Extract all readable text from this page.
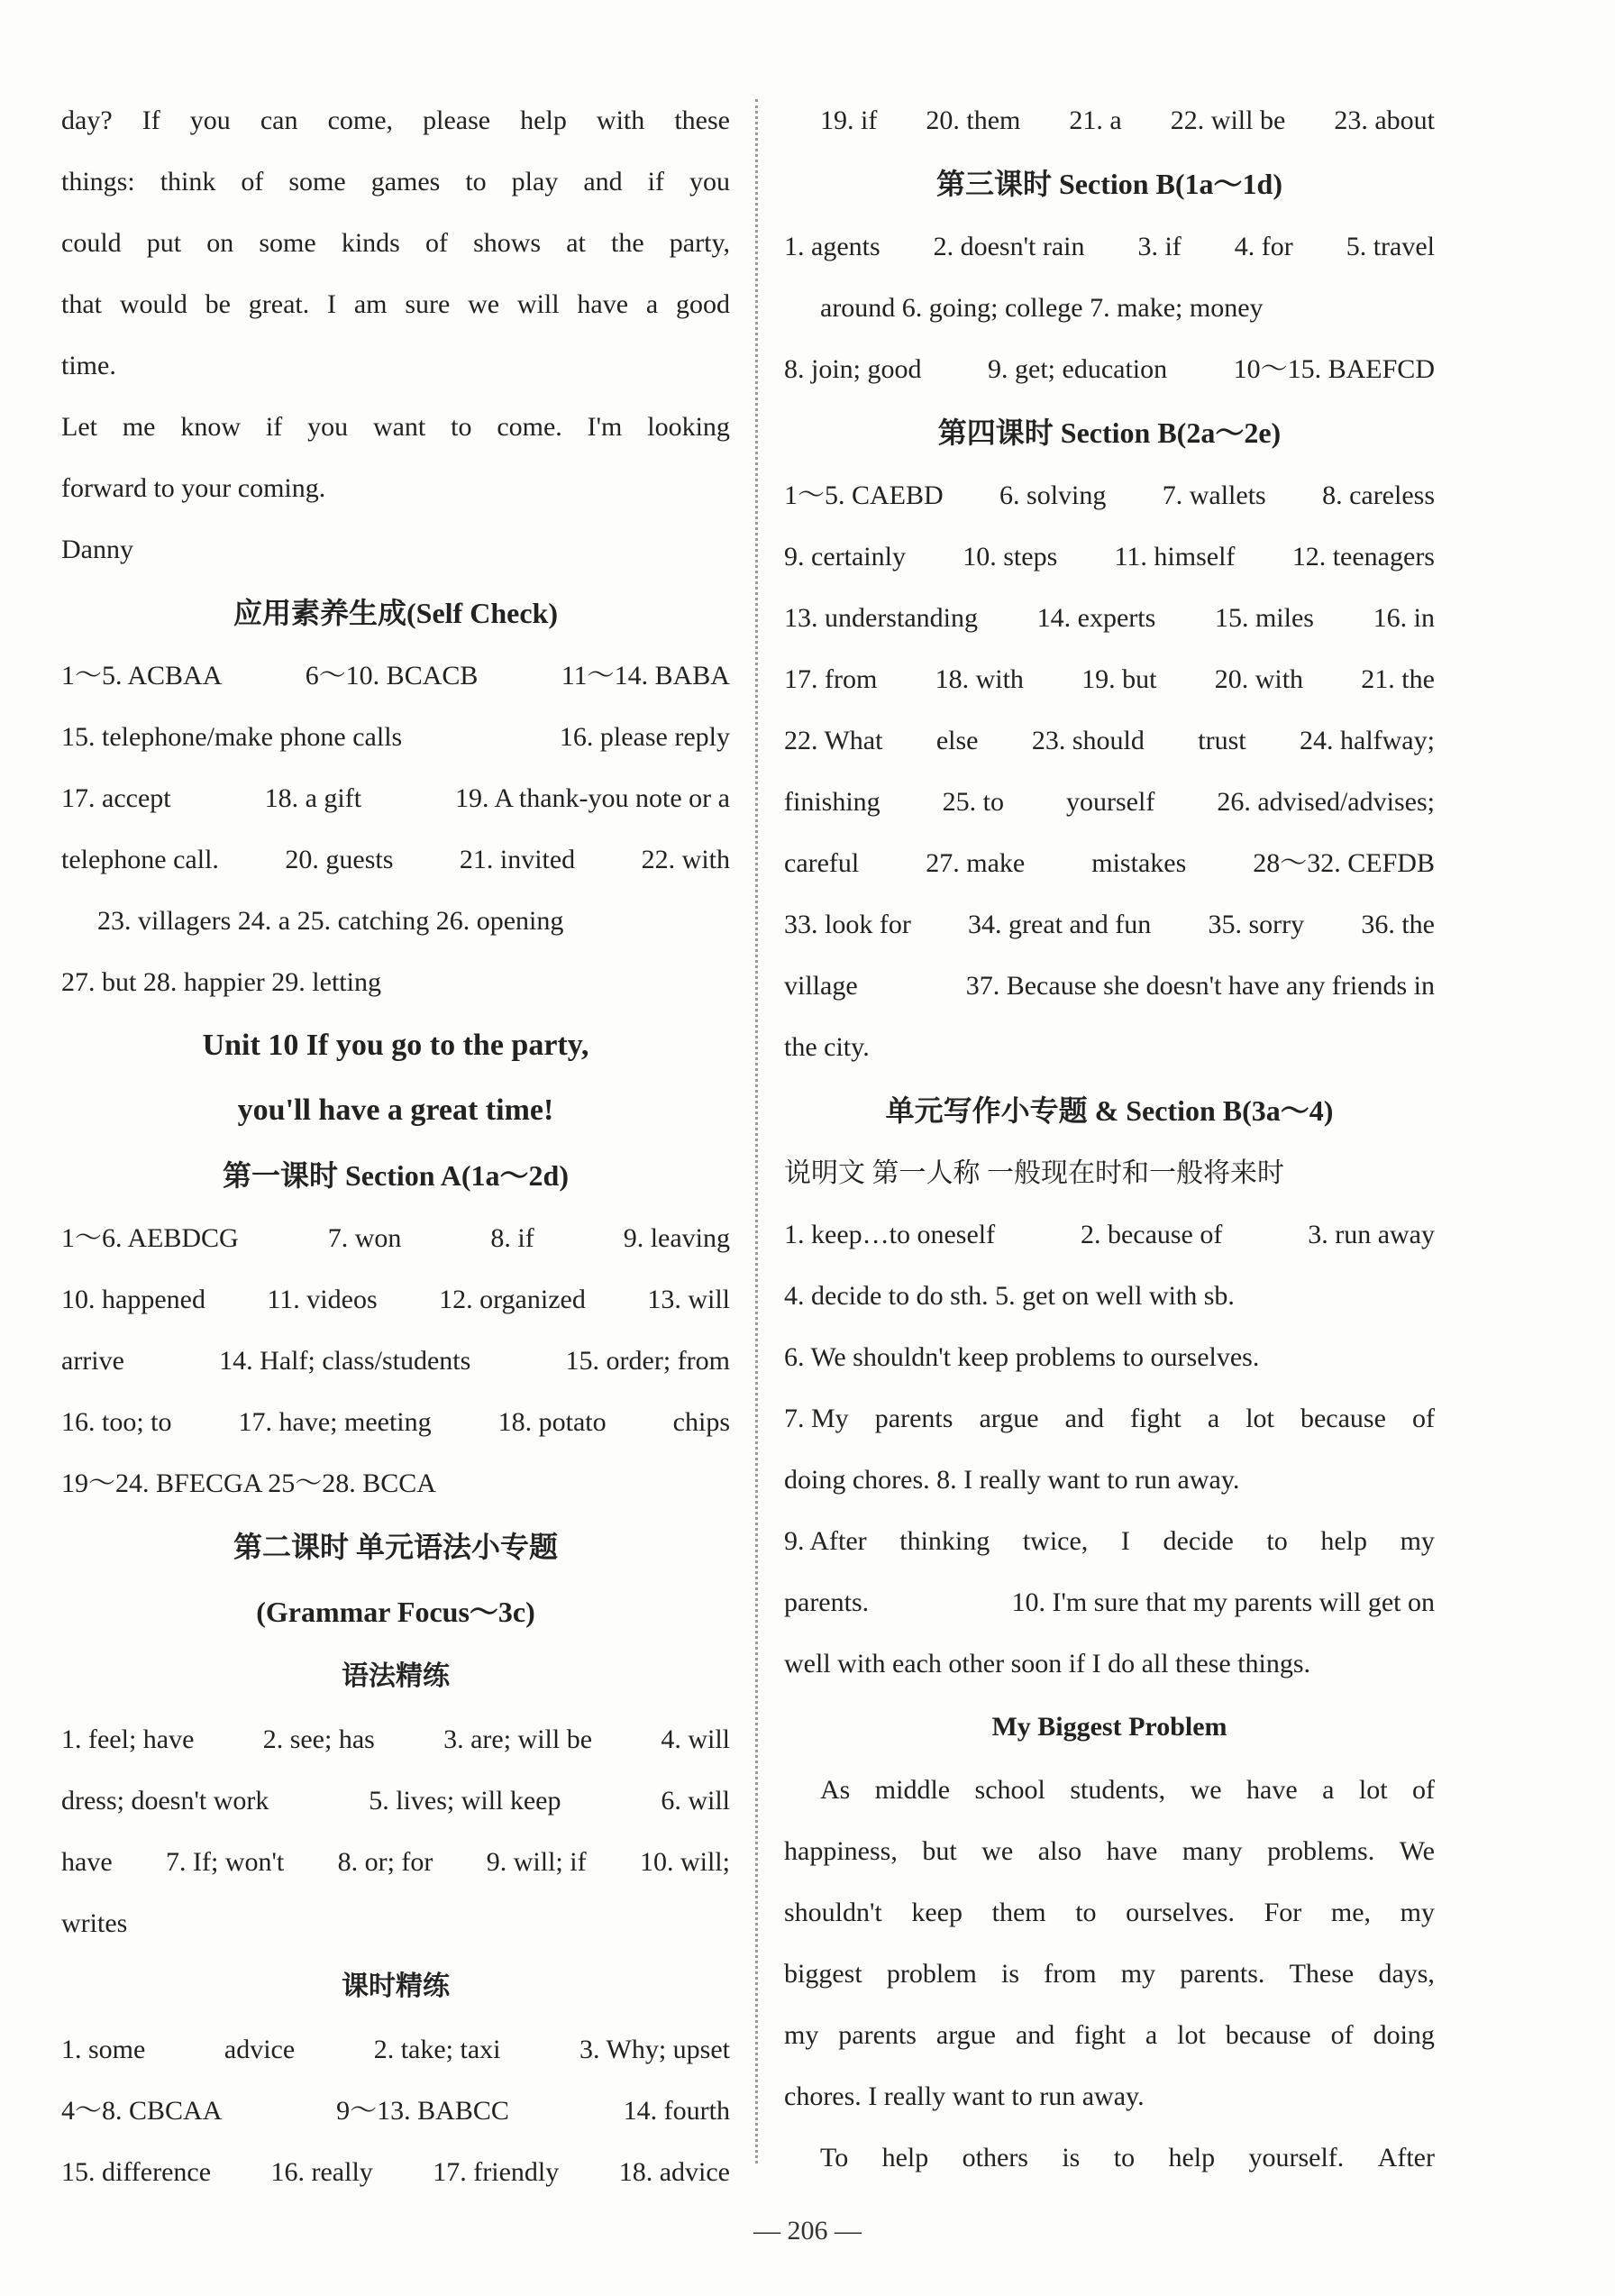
day? If you can come, please help with these
things: think of some games to play and if you
could put on some kinds of shows at the party,
that would be great. I am sure we will have a good
time.
Let me know if you want to come. I'm looking
forward to your coming.
Danny
应用素养生成(Self Check)
1～5. ACBAA	6～10. BCACB	11～14. BABA
15. telephone/make phone calls	16. please reply
17. accept	18. a gift	19. A thank-you note or a
telephone call. 20. guests 21. invited 22. with
23. villagers 24. a 25. catching 26. opening
27. but 28. happier 29. letting
Unit 10 If you go to the party,
you'll have a great time!
第一课时 Section A(1a～2d)
1～6. AEBDCG	7. won	8. if	9. leaving
10. happened 11. videos 12. organized 13. will
arrive	14. Half; class/students	15. order; from
16. too; to 17. have; meeting 18. potato chips
19～24. BFECGA 25～28. BCCA
第二课时 单元语法小专题
(Grammar Focus～3c)
语法精练
1. feel; have	2. see; has	3. are; will be	4. will
dress; doesn't work	5. lives; will keep	6. will
have 7. If; won't 8. or; for 9. will; if 10. will;
writes
课时精练
1. some	advice	2. take; taxi	3. Why; upset
4～8. CBCAA	9～13. BABCC	14. fourth
15. difference 16. really 17. friendly 18. advice
19. if 20. them 21. a 22. will be 23. about
第三课时 Section B(1a～1d)
1. agents 2. doesn't rain 3. if 4. for 5. travel
around 6. going; college 7. make; money
8. join; good 9. get; education 10～15. BAEFCD
第四课时 Section B(2a～2e)
1～5. CAEBD 6. solving 7. wallets 8. careless
9. certainly 10. steps 11. himself 12. teenagers
13. understanding 14. experts 15. miles 16. in
17. from 18. with 19. but 20. with 21. the
22. What else 23. should trust 24. halfway;
finishing 25. to yourself 26. advised/advises;
careful 27. make mistakes 28～32. CEFDB
33. look for 34. great and fun 35. sorry 36. the
village	37. Because she doesn't have any friends in
the city.
单元写作小专题 & Section B(3a～4)
说明文 第一人称 一般现在时和一般将来时
1. keep…to oneself	2. because of	3. run away
4. decide to do sth. 5. get on well with sb.
6. We shouldn't keep problems to ourselves.
7. My parents argue and fight a lot because of
doing chores. 8. I really want to run away.
9. After thinking twice, I decide to help my
parents.	10. I'm sure that my parents will get on
well with each other soon if I do all these things.
My Biggest Problem
As middle school students, we have a lot of
happiness, but we also have many problems. We
shouldn't keep them to ourselves. For me, my
biggest problem is from my parents. These days,
my parents argue and fight a lot because of doing
chores. I really want to run away.
To help others is to help yourself. After
— 206 —
